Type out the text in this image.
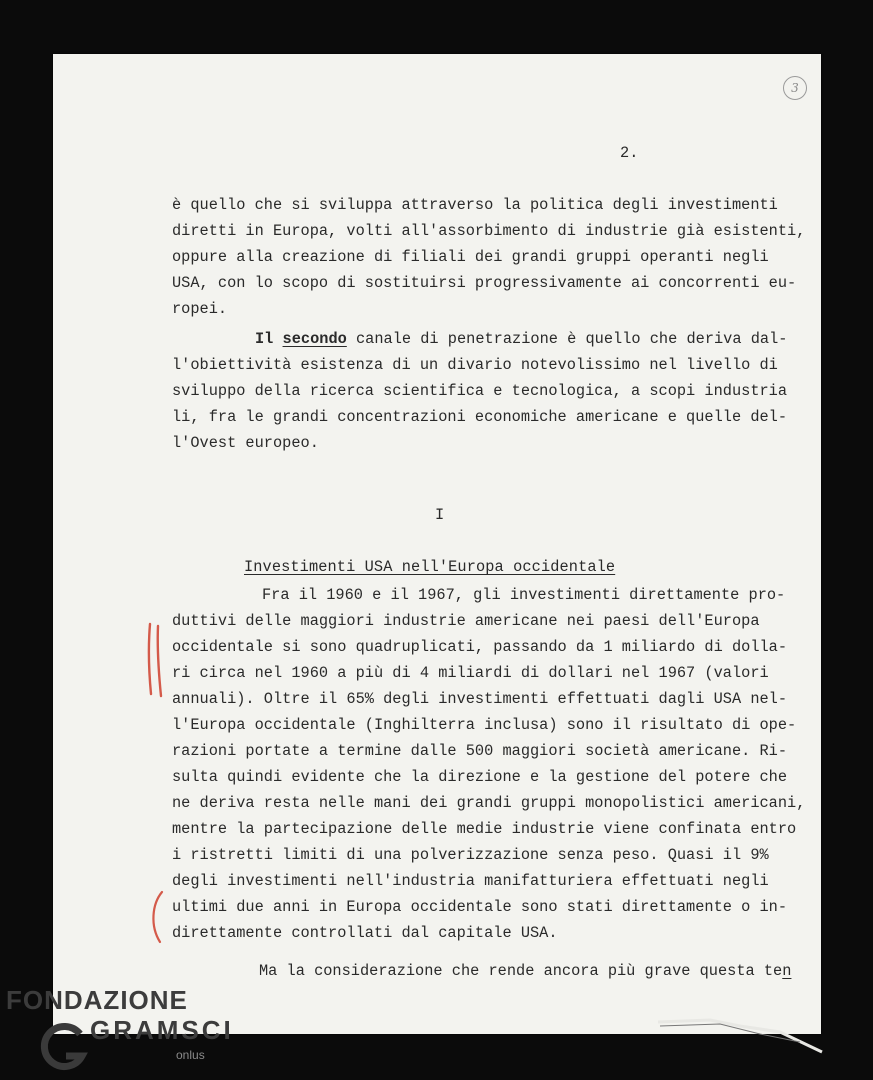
3
2.
è quello che si sviluppa attraverso la politica degli investimenti
diretti in Europa, volti all'assorbimento di industrie già esistenti,
oppure alla creazione di filiali dei grandi gruppi operanti negli
USA, con lo scopo di sostituirsi progressivamente ai concorrenti eu-
ropei.
Il secondo canale di penetrazione è quello che deriva dal-
l'obiettività esistenza di un divario notevolissimo nel livello di
sviluppo della ricerca scientifica e tecnologica, a scopi industria
li, fra le grandi concentrazioni economiche americane e quelle del-
l'Ovest europeo.
I
Investimenti USA nell'Europa occidentale
Fra il 1960 e il 1967, gli investimenti direttamente pro-
duttivi delle maggiori industrie americane nei paesi dell'Europa
occidentale si sono quadruplicati, passando da 1 miliardo di dolla-
ri circa nel 1960 a più di 4 miliardi di dollari nel 1967 (valori
annuali). Oltre il 65% degli investimenti effettuati dagli USA nel-
l'Europa occidentale (Inghilterra inclusa) sono il risultato di ope-
razioni portate a termine dalle 500 maggiori società americane. Ri-
sulta quindi evidente che la direzione e la gestione del potere che
ne deriva resta nelle mani dei grandi gruppi monopolistici americani,
mentre la partecipazione delle medie industrie viene confinata entro
i ristretti limiti di una polverizzazione senza peso. Quasi il 9%
degli investimenti nell'industria manifatturiera effettuati negli
ultimi due anni in Europa occidentale sono stati direttamente o in-
direttamente controllati dal capitale USA.
Ma la considerazione che rende ancora più grave questa ten
FONDAZIONE
GRAMSCI
onlus
